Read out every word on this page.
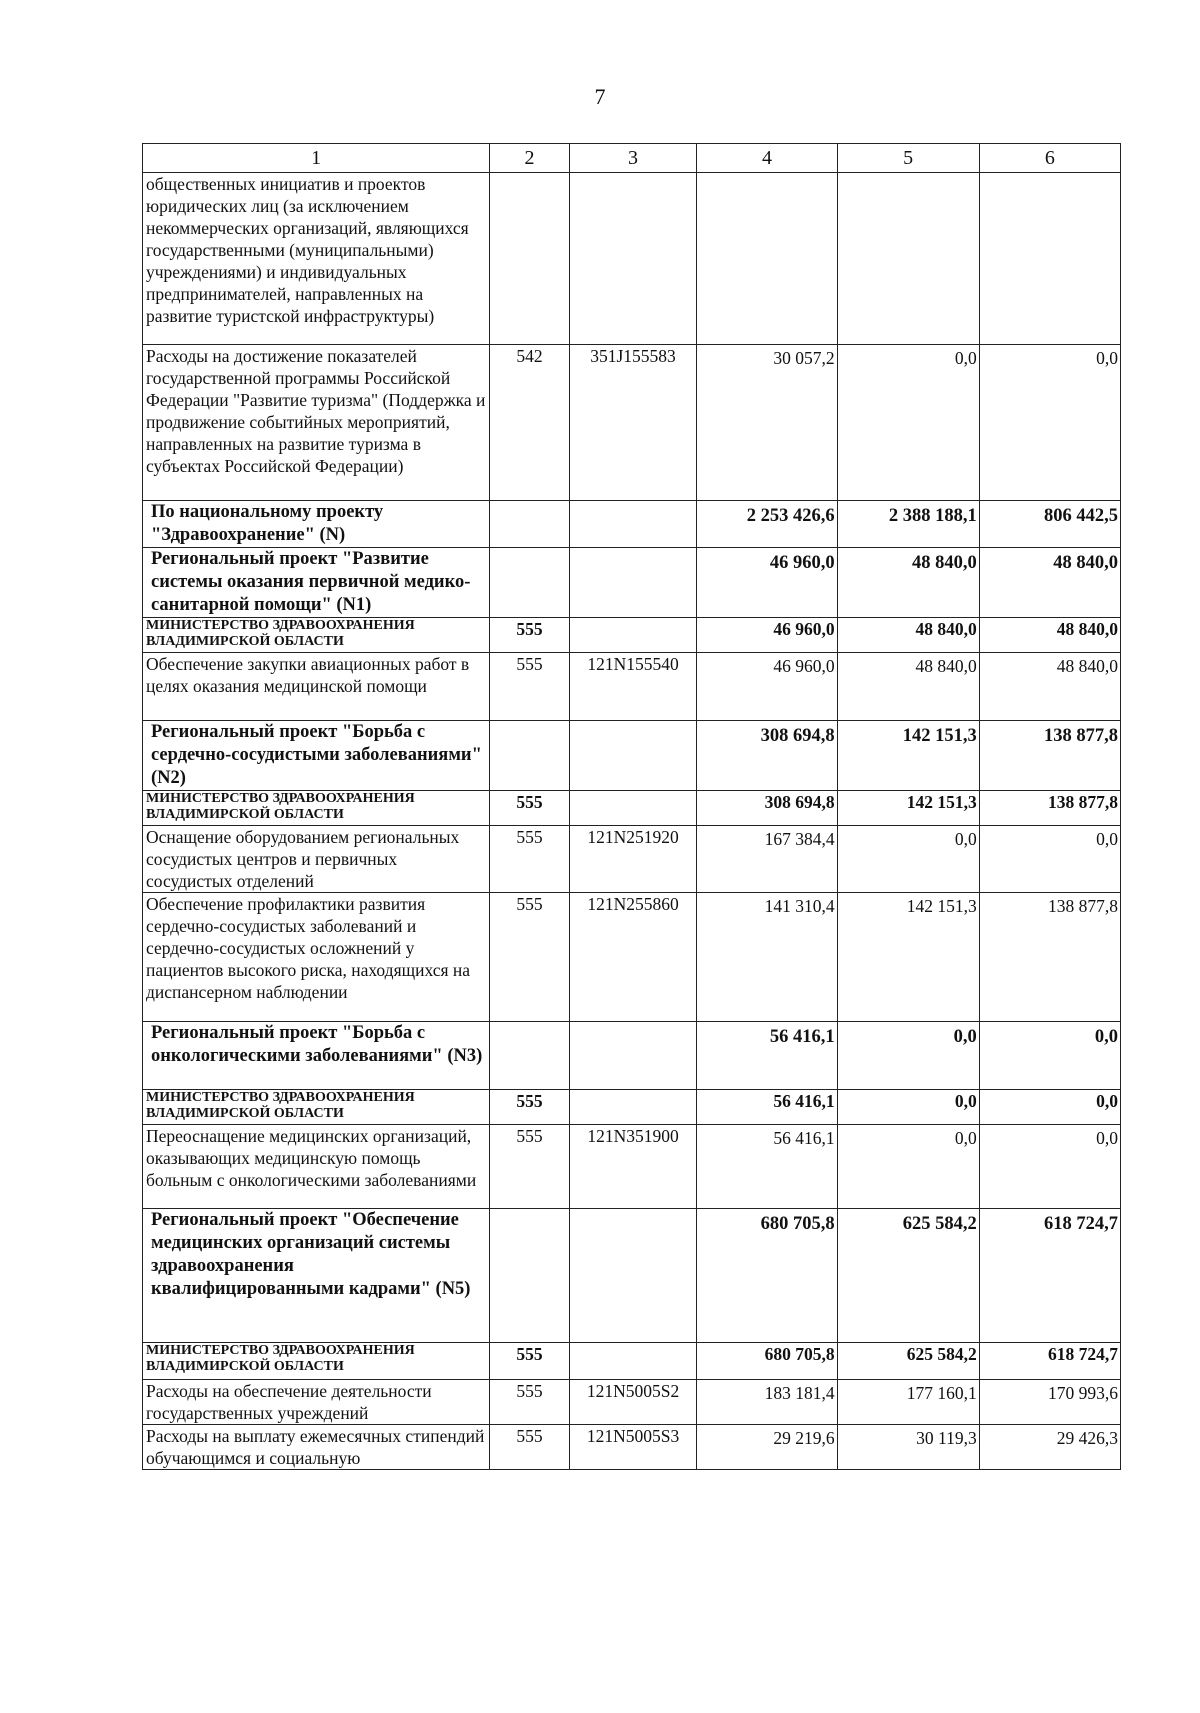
7
1	2	3	4	5	6
общественных инициатив и проектов юридических лиц (за исключением некоммерческих организаций, являющихся государственными (муниципальными) учреждениями) и индивидуальных предпринимателей, направленных на развитие туристской инфраструктуры)					
Расходы на достижение показателей государственной программы Российской Федерации "Развитие туризма" (Поддержка и продвижение событийных мероприятий, направленных на развитие туризма в субъектах Российской Федерации)	542	351J155583	30 057,2	0,0	0,0
По национальному проекту "Здравоохранение" (N)			2 253 426,6	2 388 188,1	806 442,5
Региональный проект "Развитие системы оказания первичной медико-санитарной помощи" (N1)			46 960,0	48 840,0	48 840,0
МИНИСТЕРСТВО ЗДРАВООХРАНЕНИЯ ВЛАДИМИРСКОЙ ОБЛАСТИ	555		46 960,0	48 840,0	48 840,0
Обеспечение закупки авиационных работ в целях оказания медицинской помощи	555	121N155540	46 960,0	48 840,0	48 840,0
Региональный проект "Борьба с сердечно-сосудистыми заболеваниями" (N2)			308 694,8	142 151,3	138 877,8
МИНИСТЕРСТВО ЗДРАВООХРАНЕНИЯ ВЛАДИМИРСКОЙ ОБЛАСТИ	555		308 694,8	142 151,3	138 877,8
Оснащение оборудованием региональных сосудистых центров и первичных сосудистых отделений	555	121N251920	167 384,4	0,0	0,0
Обеспечение профилактики развития сердечно-сосудистых заболеваний и сердечно-сосудистых осложнений у пациентов высокого риска, находящихся на диспансерном наблюдении	555	121N255860	141 310,4	142 151,3	138 877,8
Региональный проект "Борьба с онкологическими заболеваниями" (N3)			56 416,1	0,0	0,0
МИНИСТЕРСТВО ЗДРАВООХРАНЕНИЯ ВЛАДИМИРСКОЙ ОБЛАСТИ	555		56 416,1	0,0	0,0
Переоснащение медицинских организаций, оказывающих медицинскую помощь больным с онкологическими заболеваниями	555	121N351900	56 416,1	0,0	0,0
Региональный проект "Обеспечение медицинских организаций системы здравоохранения квалифицированными кадрами" (N5)			680 705,8	625 584,2	618 724,7
МИНИСТЕРСТВО ЗДРАВООХРАНЕНИЯ ВЛАДИМИРСКОЙ ОБЛАСТИ	555		680 705,8	625 584,2	618 724,7
Расходы на обеспечение деятельности государственных учреждений	555	121N5005S2	183 181,4	177 160,1	170 993,6
Расходы на выплату ежемесячных стипендий обучающимся и социальную	555	121N5005S3	29 219,6	30 119,3	29 426,3
